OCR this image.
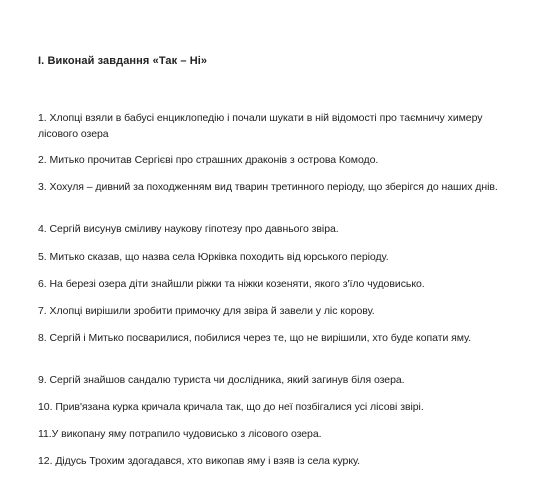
I. Виконай завдання «Так – Ні»
1. Хлопці взяли в бабусі енциклопедію і почали шукати в ній відомості про таємничу химеру лісового озера
2. Митько прочитав Сергієві про страшних драконів з острова Комодо.
3. Хохуля – дивний за походженням вид тварин третинного періоду, що зберігся до наших днів.
4. Сергій висунув сміливу наукову гіпотезу про давнього звіра.
5. Митько сказав, що назва села Юрківка походить від юрського періоду.
6. На березі озера діти знайшли ріжки та ніжки козеняти, якого з'їло чудовисько.
7. Хлопці вирішили зробити примочку для звіра й завели у ліс корову.
8. Сергій і Митько посварилися, побилися через те, що не вирішили, хто буде копати яму.
9. Сергій знайшов сандалю туриста чи дослідника, який загинув біля озера.
10. Прив'язана курка кричала кричала так, що до неї позбігалися усі лісові звірі.
11.У викопану яму потрапило чудовисько з лісового озера.
12. Дідусь Трохим здогадався, хто викопав яму і взяв із села курку.
